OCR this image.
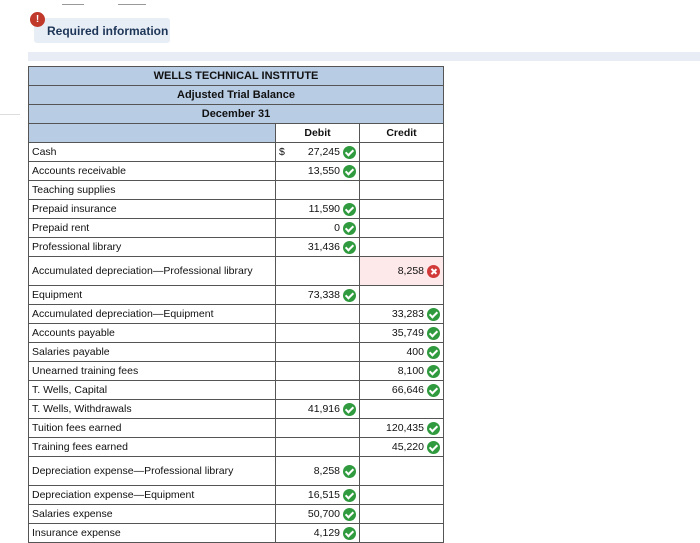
!
Required information
WELLS TECHNICAL INSTITUTE		
Adjusted Trial Balance		
December 31		
	Debit	Credit
Cash	$ 27,245	
Accounts receivable	13,550	
Teaching supplies		
Prepaid insurance	11,590	
Prepaid rent	0	
Professional library	31,436	
Accumulated depreciation—Professional library		8,258
Equipment	73,338	
Accumulated depreciation—Equipment		33,283
Accounts payable		35,749
Salaries payable		400
Unearned training fees		8,100
T. Wells, Capital		66,646
T. Wells, Withdrawals	41,916	
Tuition fees earned		120,435
Training fees earned		45,220
Depreciation expense—Professional library	8,258	
Depreciation expense—Equipment	16,515	
Salaries expense	50,700	
Insurance expense	4,129	
